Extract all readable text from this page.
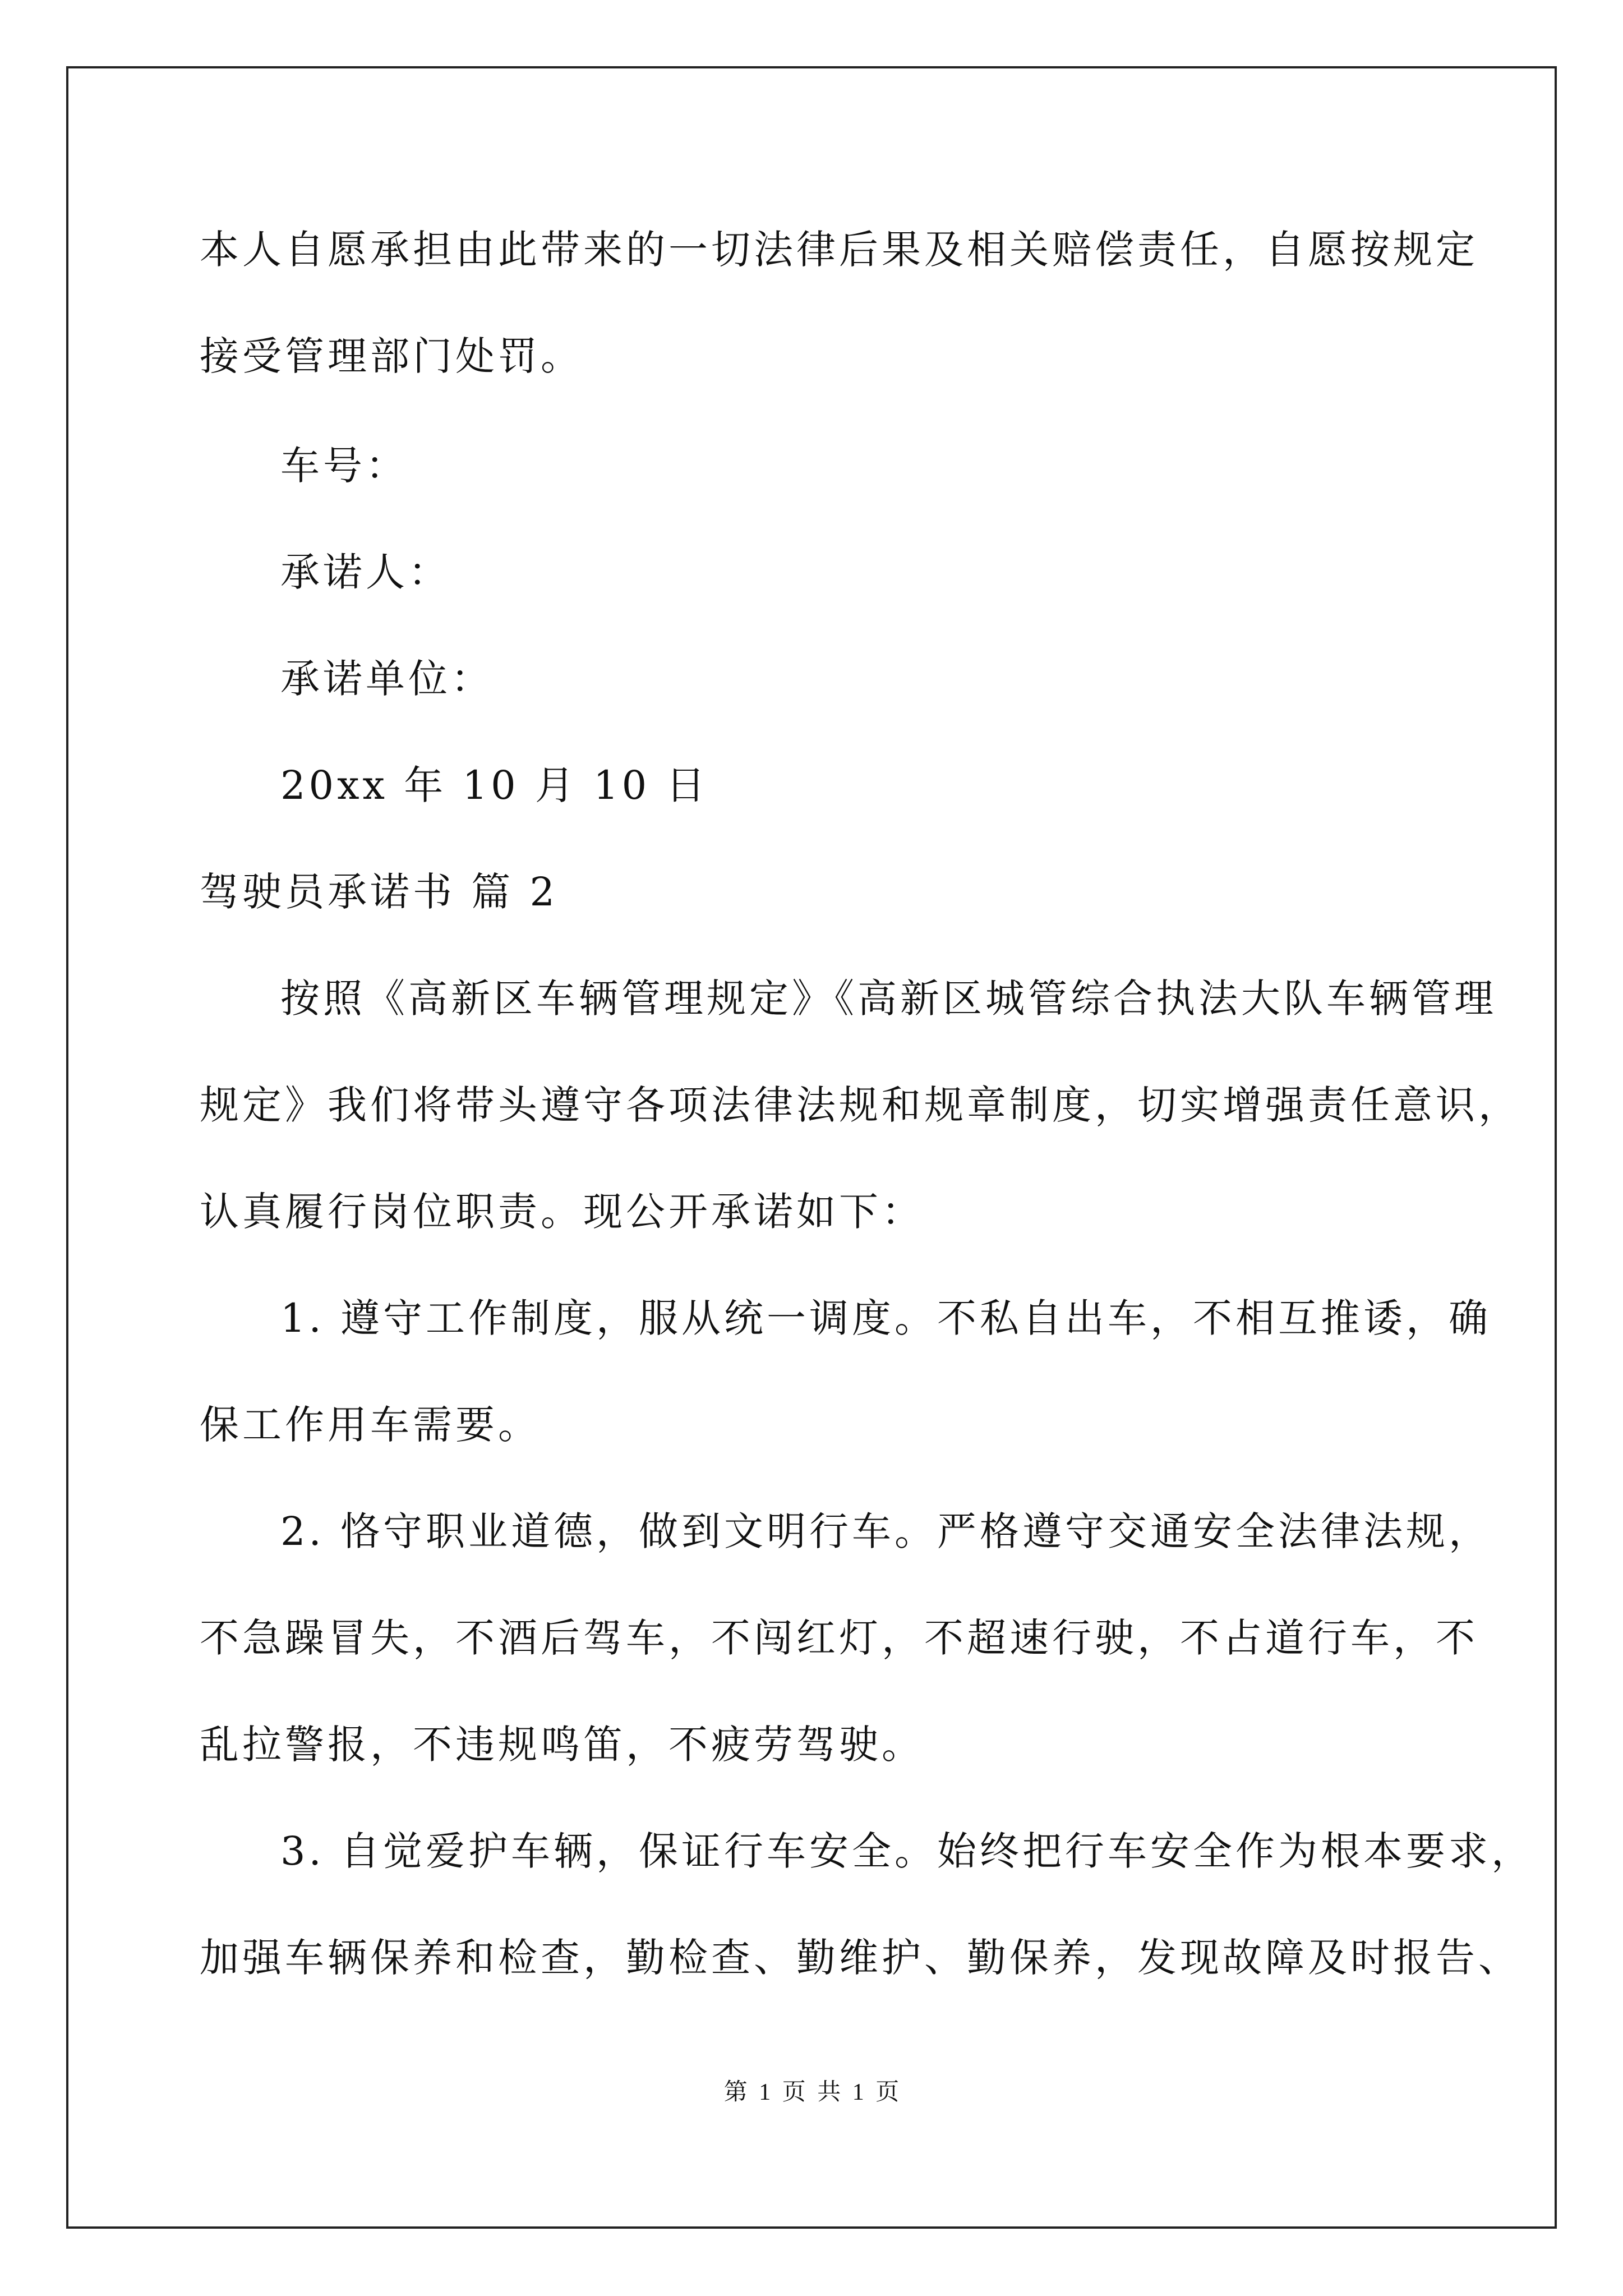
本人自愿承担由此带来的一切法律后果及相关赔偿责任，自愿按规定
接受管理部门处罚。
车号：
承诺人：
承诺单位：
20xx 年 10 月 10 日
驾驶员承诺书 篇 2
按照《高新区车辆管理规定》《高新区城管综合执法大队车辆管理
规定》我们将带头遵守各项法律法规和规章制度，切实增强责任意识，
认真履行岗位职责。现公开承诺如下：
1. 遵守工作制度，服从统一调度。不私自出车，不相互推诿，确
保工作用车需要。
2. 恪守职业道德，做到文明行车。严格遵守交通安全法律法规，
不急躁冒失，不酒后驾车，不闯红灯，不超速行驶，不占道行车，不
乱拉警报，不违规鸣笛，不疲劳驾驶。
3. 自觉爱护车辆，保证行车安全。始终把行车安全作为根本要求，
加强车辆保养和检查，勤检查、勤维护、勤保养，发现故障及时报告、
第 1 页 共 1 页
